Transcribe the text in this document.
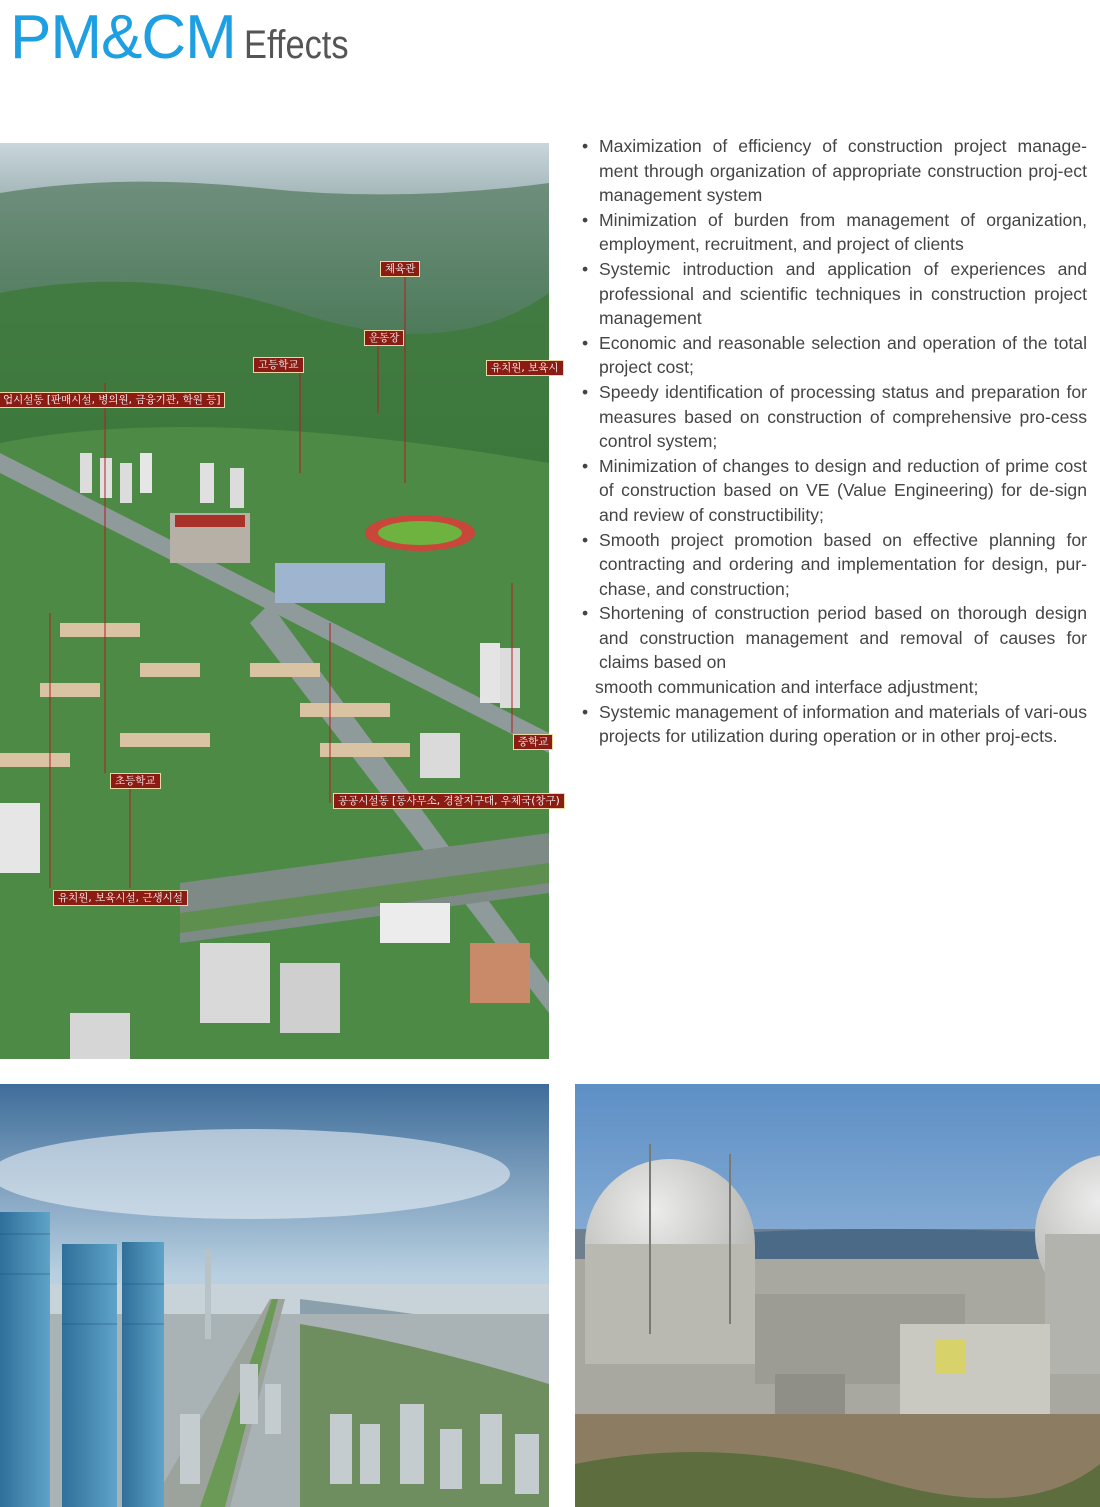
PM&CM Effects
체육관
운동장
고등학교	유치원, 보육시
업시설동 [판매시설, 병의원, 금융기관, 학원 등]
중학교
초등학교
공공시설동 [동사무소, 경찰지구대, 우체국(창구)
유치원, 보육시설, 근생시설
• Maximization of efficiency of construction project manage-ment through organization of appropriate construction proj-ect management system
• Minimization of burden from management of organization, employment, recruitment, and project of clients
• Systemic introduction and application of experiences and professional and scientific techniques in construction project management
• Economic and reasonable selection and operation of the total project cost;
• Speedy identification of processing status and preparation for measures based on construction of comprehensive pro-cess control system;
• Minimization of changes to design and reduction of prime cost of construction based on VE (Value Engineering) for de-sign and review of constructibility;
• Smooth project promotion based on effective planning for contracting and ordering and implementation for design, pur-chase, and construction;
• Shortening of construction period based on thorough design and construction management and removal of causes for claims based on
smooth communication and interface adjustment;
• Systemic management of information and materials of vari-ous projects for utilization during operation or in other proj-ects.
